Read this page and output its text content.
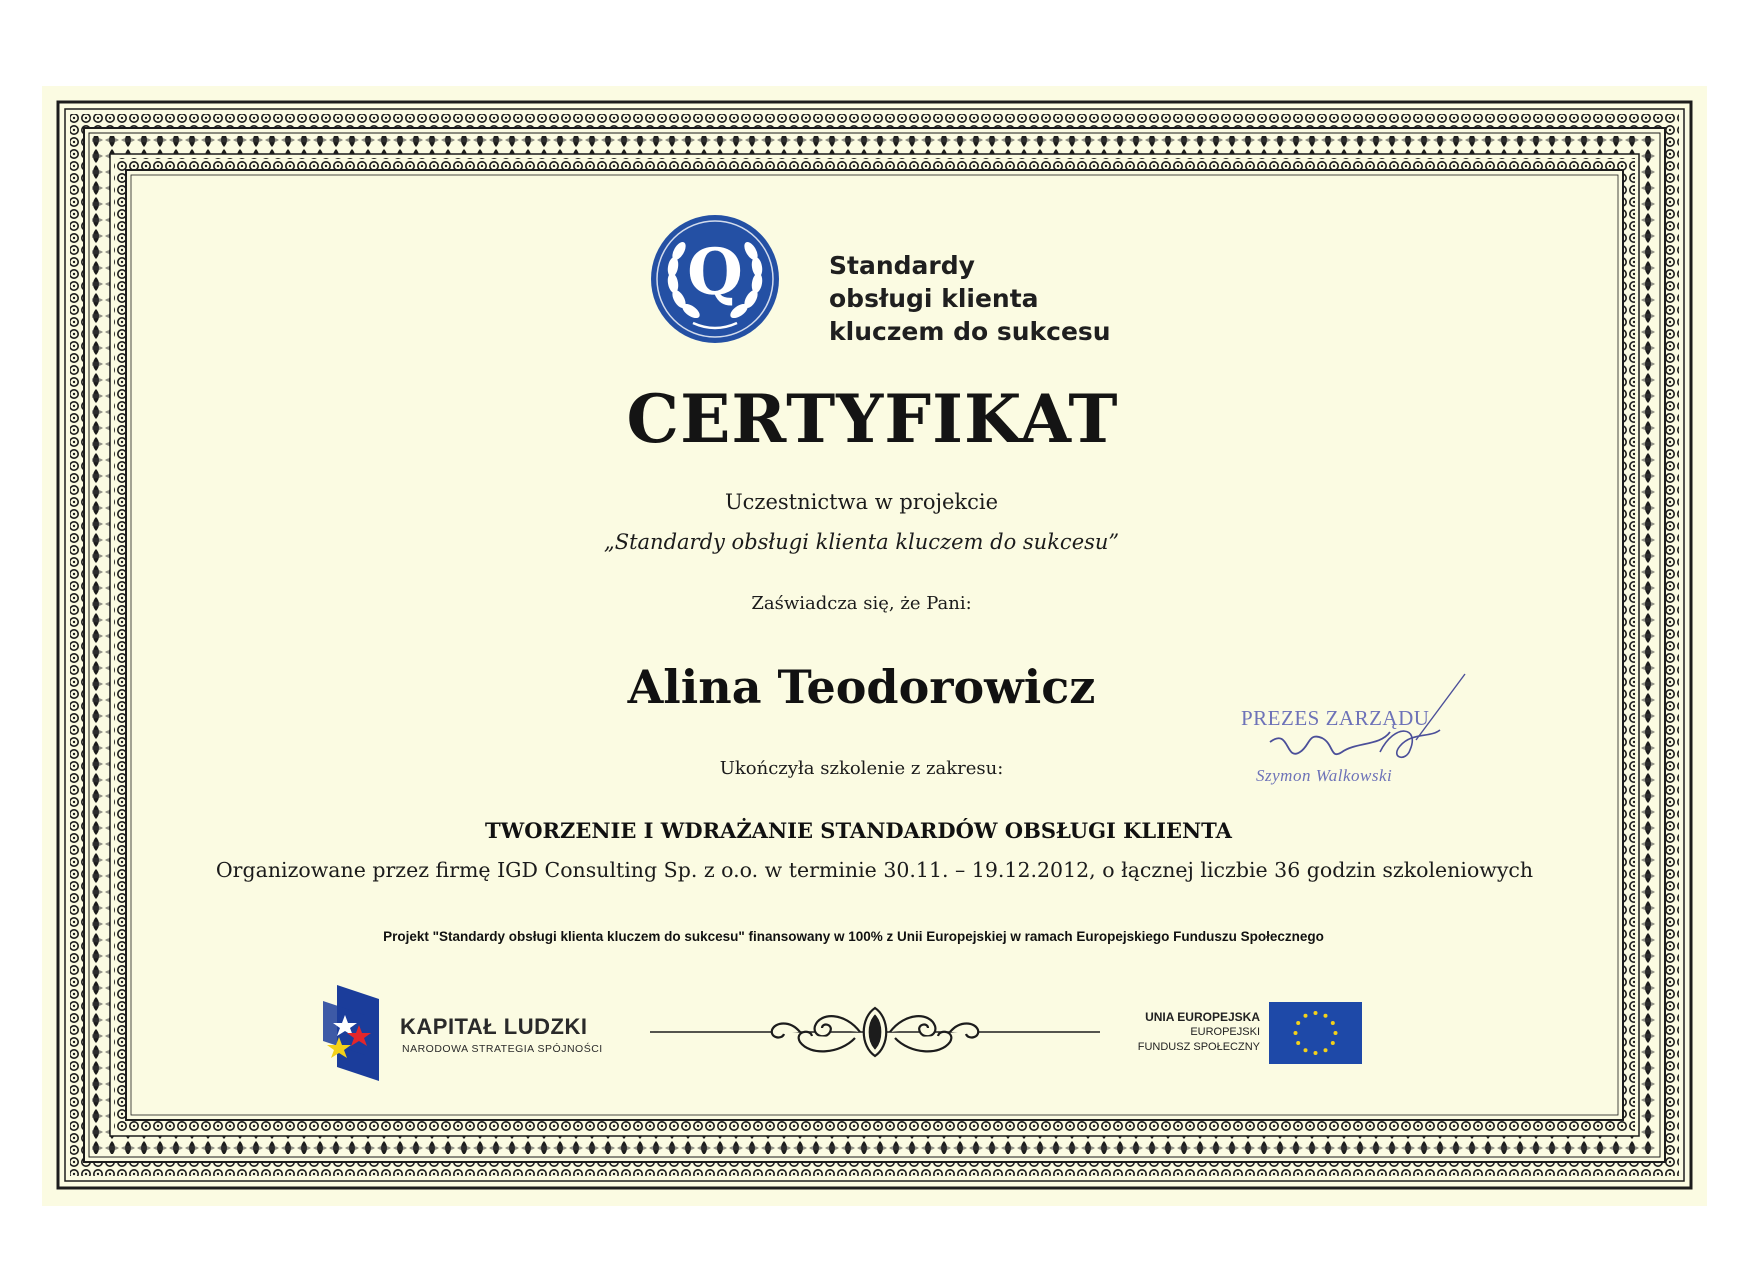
Q	Standardy
obsługi klienta
kluczem do sukcesu
CERTYFIKAT
Uczestnictwa w projekcie
„Standardy obsługi klienta kluczem do sukcesu”
Zaświadcza się, że Pani:
Alina Teodorowicz
Ukończyła szkolenie z zakresu:
TWORZENIE I WDRAŻANIE STANDARDÓW OBSŁUGI KLIENTA
Organizowane przez firmę IGD Consulting Sp. z o.o. w terminie 30.11. – 19.12.2012, o łącznej liczbie 36 godzin szkoleniowych
Projekt "Standardy obsługi klienta kluczem do sukcesu" finansowany w 100% z Unii Europejskiej w ramach Europejskiego Funduszu Społecznego
PREZES ZARZĄDU
Szymon Walkowski
KAPITAŁ LUDZKI
NARODOWA STRATEGIA SPÓJNOŚCI
UNIA EUROPEJSKA
EUROPEJSKI
FUNDUSZ SPOŁECZNY
